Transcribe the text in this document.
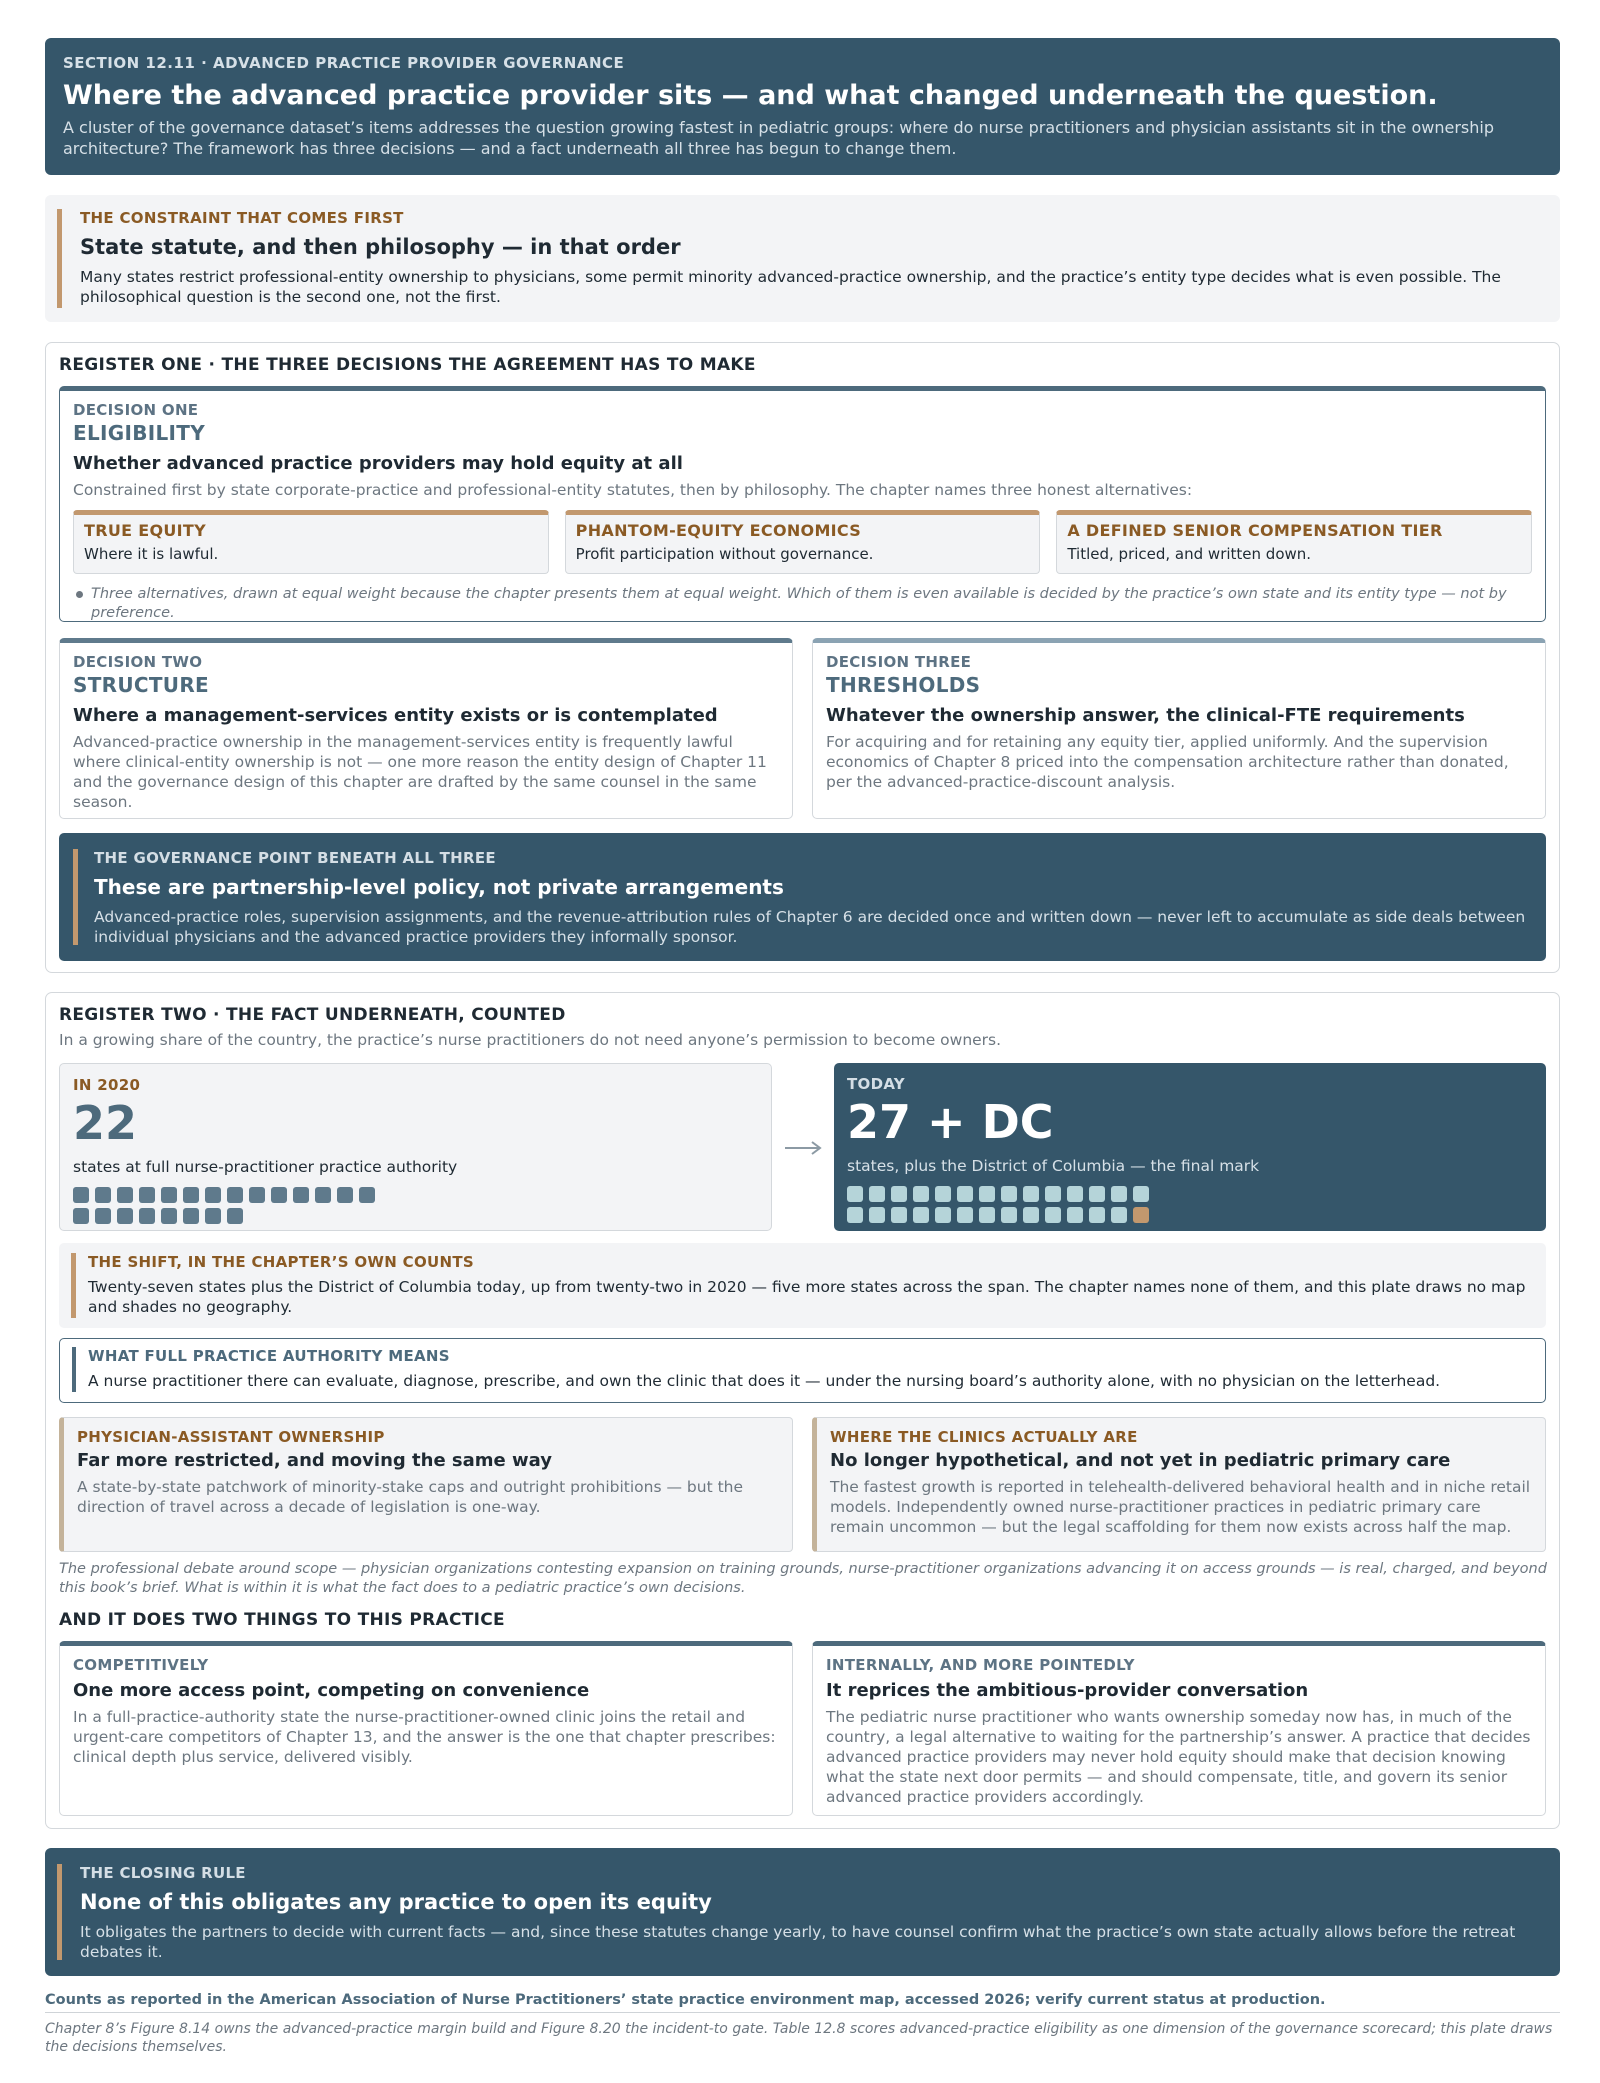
SECTION 12.11 · ADVANCED PRACTICE PROVIDER GOVERNANCE
Where the advanced practice provider sits — and what changed underneath the question.

A cluster of the governance dataset’s items addresses the question growing fastest in pediatric groups: where do nurse practitioners and physician assistants sit in the ownership architecture? The framework has three decisions — and a fact underneath all three has begun to change them.

THE CONSTRAINT THAT COMES FIRST
State statute, and then philosophy — in that order

Many states restrict professional-entity ownership to physicians, some permit minority advanced-practice ownership, and the practice’s entity type decides what is even possible. The philosophical question is the second one, not the first.

REGISTER ONE · THE THREE DECISIONS THE AGREEMENT HAS TO MAKE
DECISION ONE
ELIGIBILITY
Whether advanced practice providers may hold equity at all
Constrained first by state corporate-practice and professional-entity statutes, then by philosophy. The chapter names three honest alternatives:
TRUE EQUITY
Where it is lawful.
PHANTOM-EQUITY ECONOMICS
Profit participation without governance.
A DEFINED SENIOR COMPENSATION TIER
Titled, priced, and written down.
Three alternatives, drawn at equal weight because the chapter presents them at equal weight. Which of them is even available is decided by the practice’s own state and its entity type — not by preference.
DECISION TWO
STRUCTURE
Where a management-services entity exists or is contemplated
Advanced-practice ownership in the management-services entity is frequently lawful where clinical-entity ownership is not — one more reason the entity design of Chapter 11 and the governance design of this chapter are drafted by the same counsel in the same season.
DECISION THREE
THRESHOLDS
Whatever the ownership answer, the clinical-FTE requirements
For acquiring and for retaining any equity tier, applied uniformly. And the supervision economics of Chapter 8 priced into the compensation architecture rather than donated, per the advanced-practice-discount analysis.
THE GOVERNANCE POINT BENEATH ALL THREE
These are partnership-level policy, not private arrangements

Advanced-practice roles, supervision assignments, and the revenue-attribution rules of Chapter 6 are decided once and written down — never left to accumulate as side deals between individual physicians and the advanced practice providers they informally sponsor.

REGISTER TWO · THE FACT UNDERNEATH, COUNTED
In a growing share of the country, the practice’s nurse practitioners do not need anyone’s permission to become owners.
IN 2020
22
states at full nurse-practitioner practice authority
TODAY
27 + DC
states, plus the District of Columbia — the final mark
THE SHIFT, IN THE CHAPTER’S OWN COUNTS

Twenty-seven states plus the District of Columbia today, up from twenty-two in 2020 — five more states across the span. The chapter names none of them, and this plate draws no map and shades no geography.

WHAT FULL PRACTICE AUTHORITY MEANS

A nurse practitioner there can evaluate, diagnose, prescribe, and own the clinic that does it — under the nursing board’s authority alone, with no physician on the letterhead.

PHYSICIAN-ASSISTANT OWNERSHIP
Far more restricted, and moving the same way

A state-by-state patchwork of minority-stake caps and outright prohibitions — but the direction of travel across a decade of legislation is one-way.

WHERE THE CLINICS ACTUALLY ARE
No longer hypothetical, and not yet in pediatric primary care

The fastest growth is reported in telehealth-delivered behavioral health and in niche retail models. Independently owned nurse-practitioner practices in pediatric primary care remain uncommon — but the legal scaffolding for them now exists across half the map.

The professional debate around scope — physician organizations contesting expansion on training grounds, nurse-practitioner organizations advancing it on access grounds — is real, charged, and beyond this book’s brief. What is within it is what the fact does to a pediatric practice’s own decisions.
AND IT DOES TWO THINGS TO THIS PRACTICE
COMPETITIVELY
One more access point, competing on convenience

In a full-practice-authority state the nurse-practitioner-owned clinic joins the retail and urgent-care competitors of Chapter 13, and the answer is the one that chapter prescribes: clinical depth plus service, delivered visibly.

INTERNALLY, AND MORE POINTEDLY
It reprices the ambitious-provider conversation

The pediatric nurse practitioner who wants ownership someday now has, in much of the country, a legal alternative to waiting for the partnership’s answer. A practice that decides advanced practice providers may never hold equity should make that decision knowing what the state next door permits — and should compensate, title, and govern its senior advanced practice providers accordingly.

THE CLOSING RULE
None of this obligates any practice to open its equity

It obligates the partners to decide with current facts — and, since these statutes change yearly, to have counsel confirm what the practice’s own state actually allows before the retreat debates it.

Counts as reported in the American Association of Nurse Practitioners’ state practice environment map, accessed 2026; verify current status at production.
Chapter 8’s Figure 8.14 owns the advanced-practice margin build and Figure 8.20 the incident-to gate. Table 12.8 scores advanced-practice eligibility as one dimension of the governance scorecard; this plate draws the decisions themselves.
